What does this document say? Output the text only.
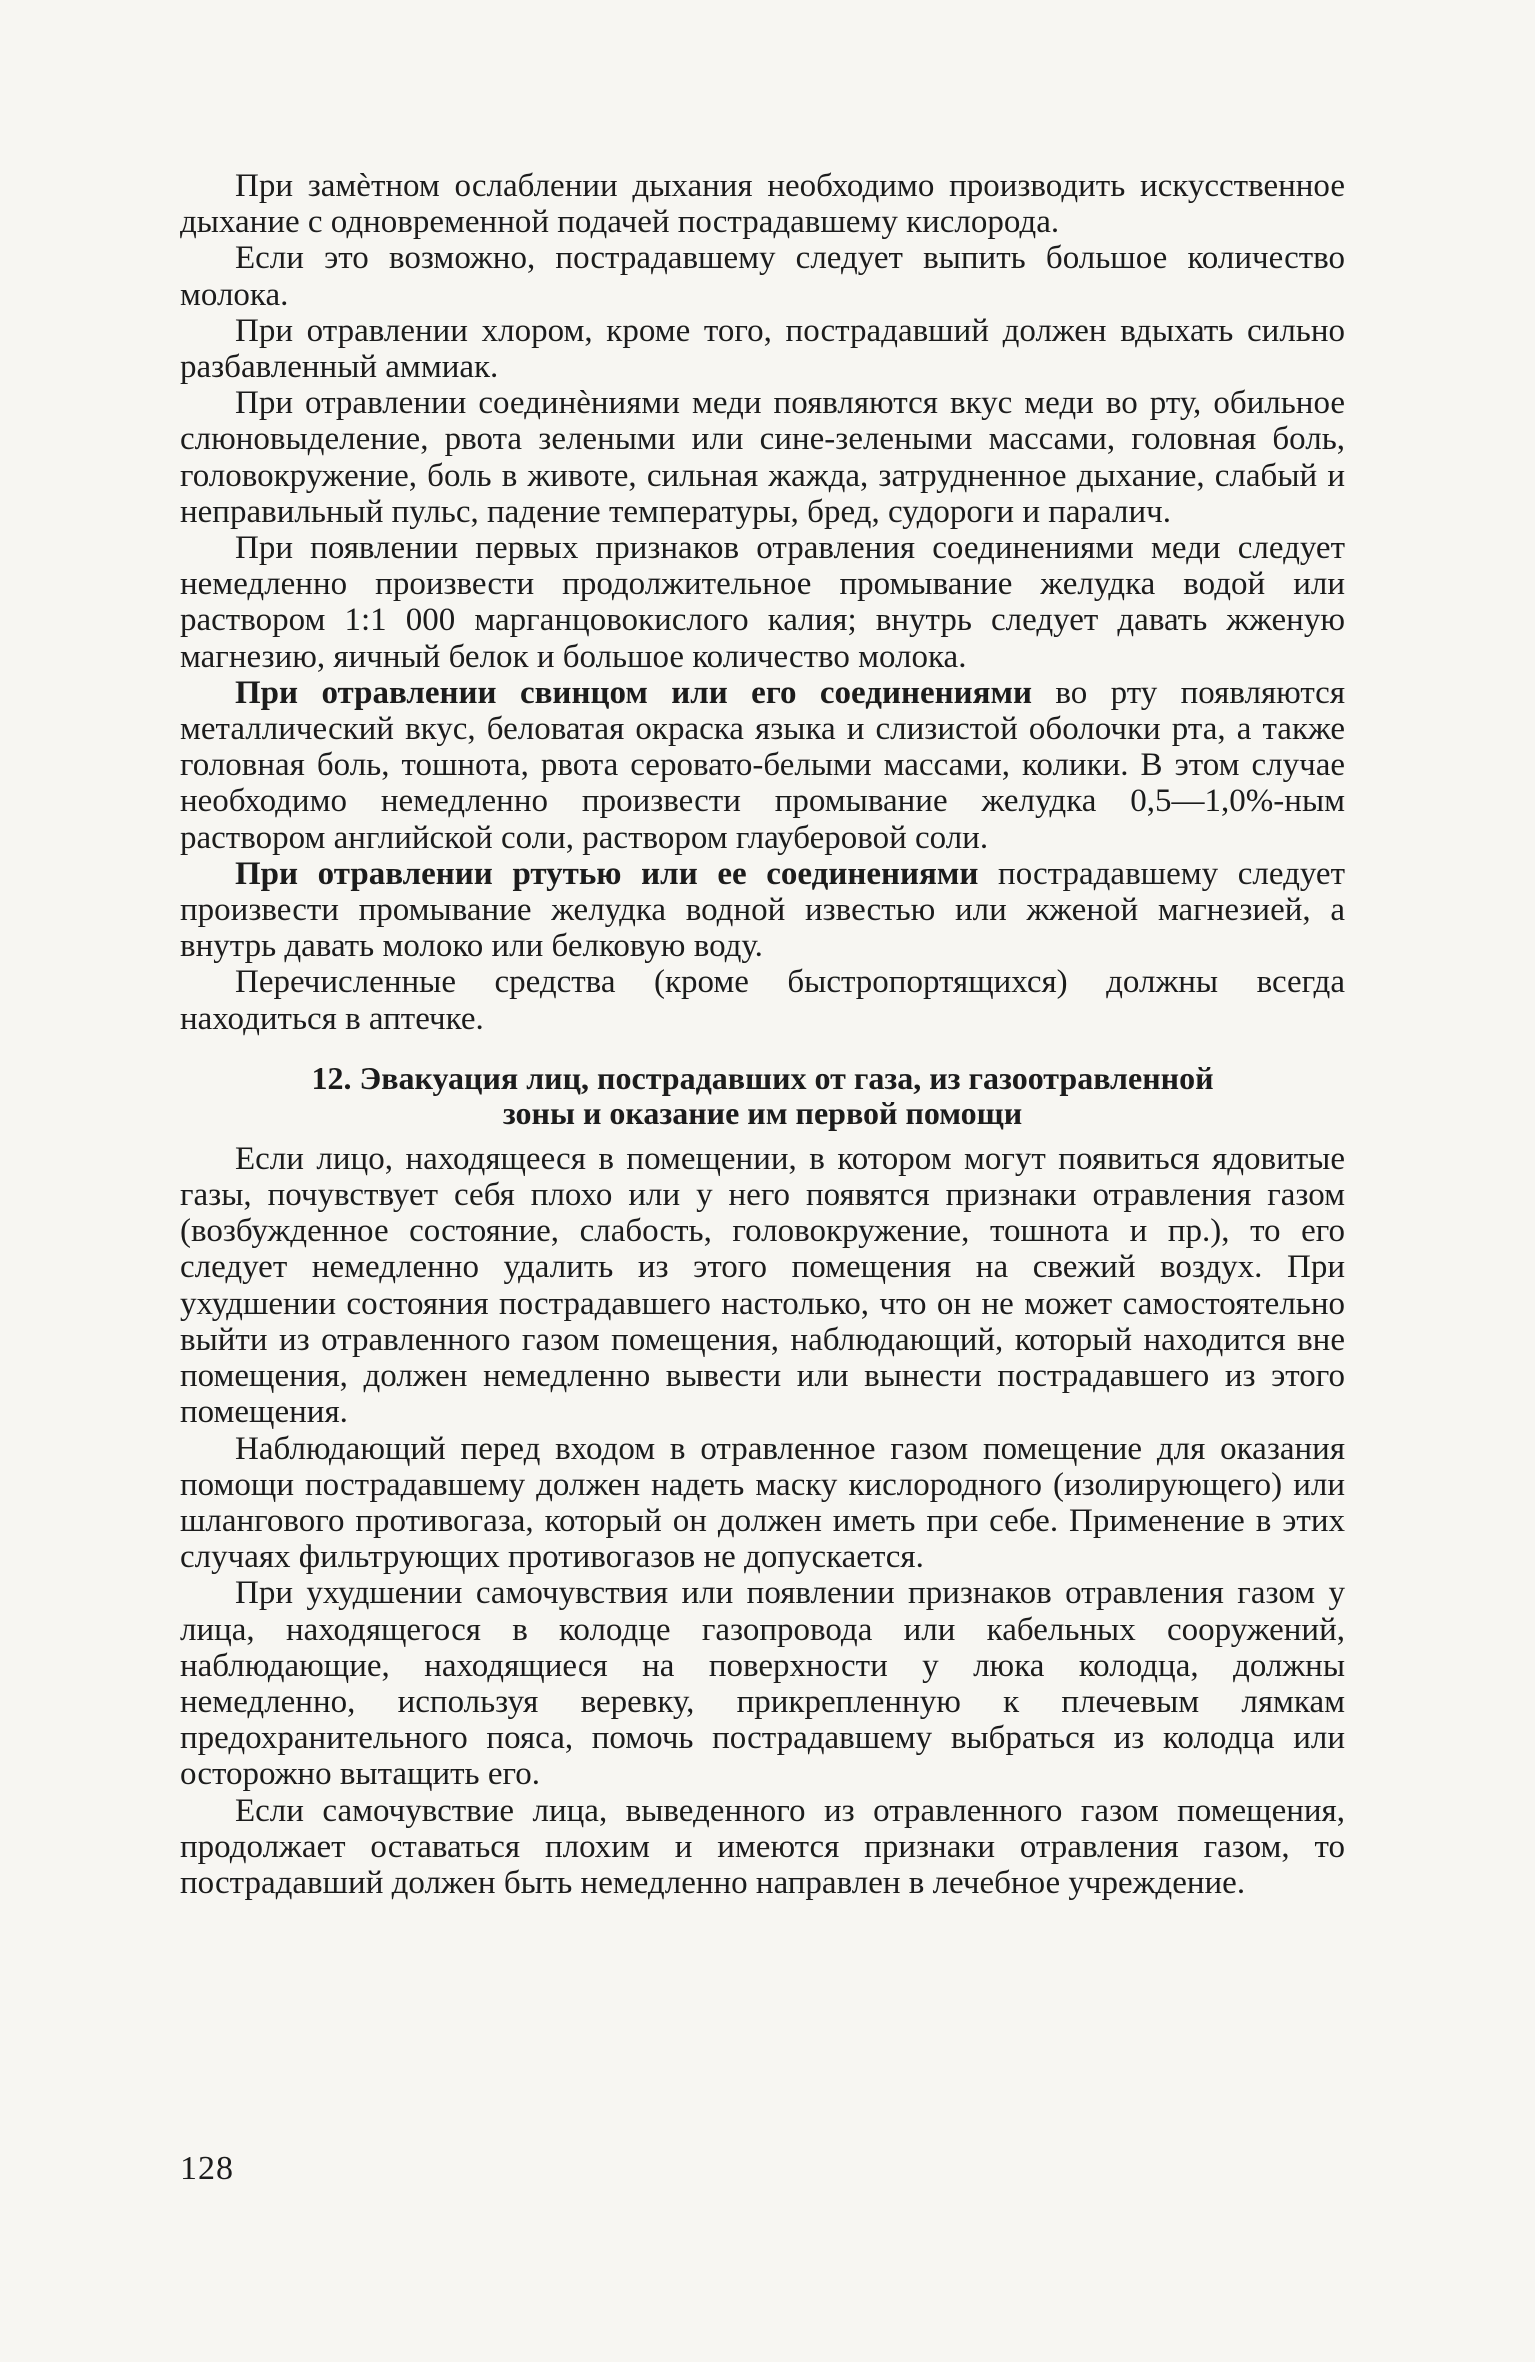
При замѐтном ослаблении дыхания необходимо производить искусственное дыхание с одновременной подачей пострадавшему кислорода.

Если это возможно, пострадавшему следует выпить большое количество молока.

При отравлении хлором, кроме того, пострадавший должен вдыхать сильно разбавленный аммиак.

При отравлении соединѐниями меди появляются вкус меди во рту, обильное слюновыделение, рвота зелеными или сине-зелеными массами, головная боль, головокружение, боль в животе, сильная жажда, затрудненное дыхание, слабый и неправильный пульс, падение температуры, бред, судороги и паралич.

При появлении первых признаков отравления соединениями меди следует немедленно произвести продолжительное промывание желудка водой или раствором 1:1 000 марганцовокислого калия; внутрь следует давать жженую магнезию, яичный белок и большое количество молока.

При отравлении свинцом или его соединениями во рту появляются металлический вкус, беловатая окраска языка и слизистой оболочки рта, а также головная боль, тошнота, рвота серовато-белыми массами, колики. В этом случае необходимо немедленно произвести промывание желудка 0,5—1,0%-ным раствором английской соли, раствором глауберовой соли.

При отравлении ртутью или ее соединениями пострадавшему следует произвести промывание желудка водной известью или жженой магнезией, а внутрь давать молоко или белковую воду.

Перечисленные средства (кроме быстропортящихся) должны всегда находиться в аптечке.

12. Эвакуация лиц, пострадавших от газа, из газоотравленной
зоны и оказание им первой помощи

Если лицо, находящееся в помещении, в котором могут появиться ядовитые газы, почувствует себя плохо или у него появятся признаки отравления газом (возбужденное состояние, слабость, головокружение, тошнота и пр.), то его следует немедленно удалить из этого помещения на свежий воздух. При ухудшении состояния пострадавшего настолько, что он не может самостоятельно выйти из отравленного газом помещения, наблюдающий, который находится вне помещения, должен немедленно вывести или вынести пострадавшего из этого помещения.

Наблюдающий перед входом в отравленное газом помещение для оказания помощи пострадавшему должен надеть маску кислородного (изолирующего) или шлангового противогаза, который он должен иметь при себе. Применение в этих случаях фильтрующих противогазов не допускается.

При ухудшении самочувствия или появлении признаков отравления газом у лица, находящегося в колодце газопровода или кабельных сооружений, наблюдающие, находящиеся на поверхности у люка колодца, должны немедленно, используя веревку, прикрепленную к плечевым лямкам предохранительного пояса, помочь пострадавшему выбраться из колодца или осторожно вытащить его.

Если самочувствие лица, выведенного из отравленного газом помещения, продолжает оставаться плохим и имеются признаки отравления газом, то пострадавший должен быть немедленно направлен в лечебное учреждение.

128
